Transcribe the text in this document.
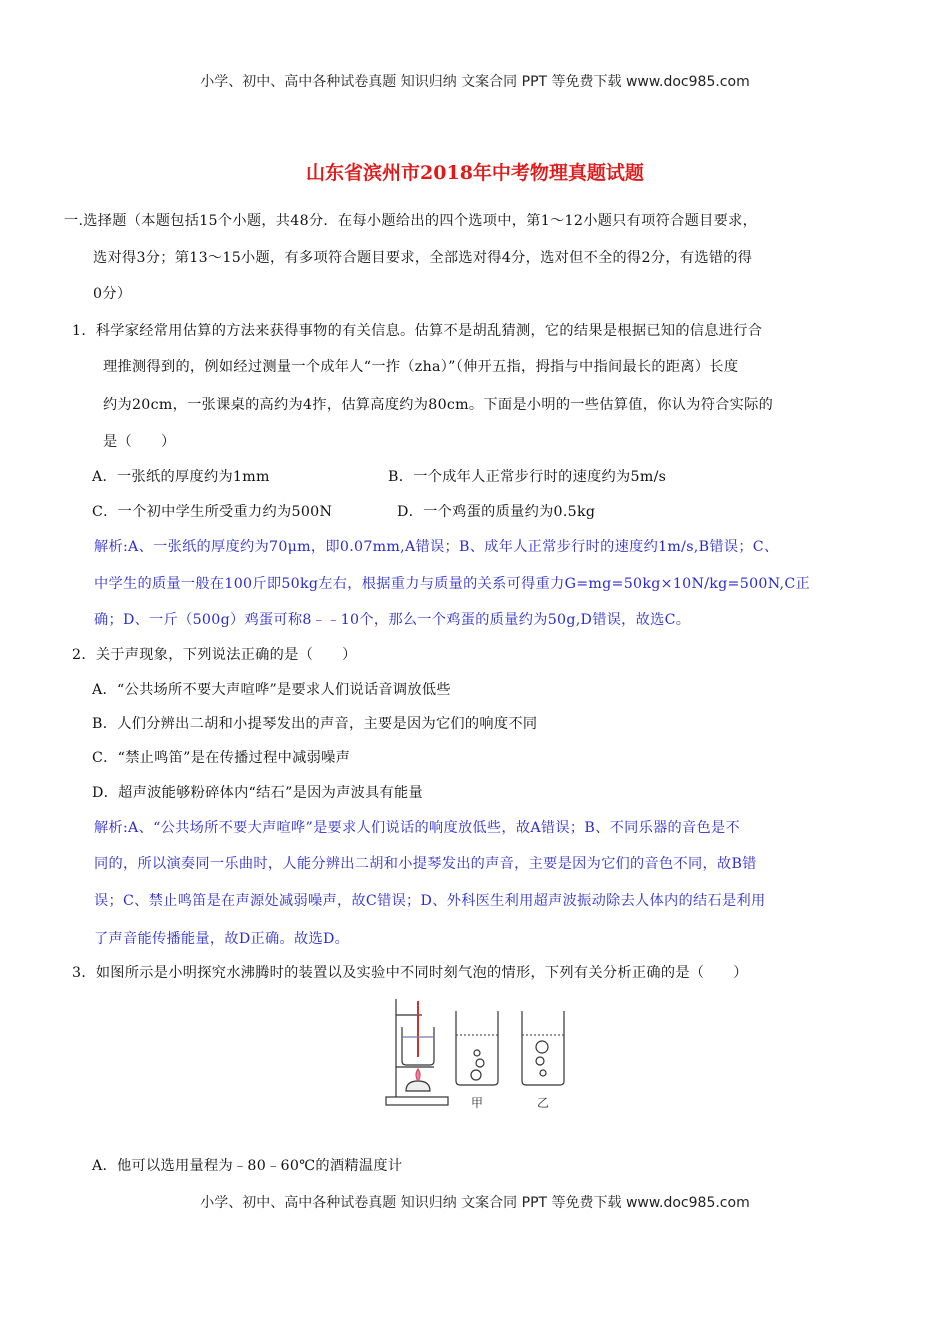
小学、初中、高中各种试卷真题 知识归纳 文案合同 PPT 等免费下载 www.doc985.com
山东省滨州市2018年中考物理真题试题
一.选择题（本题包括15个小题，共48分．在每小题给出的四个选项中，第1～12小题只有项符合题目要求，
选对得3分；第13～15小题，有多项符合题目要求，全部选对得4分，选对但不全的得2分，有选错的得
0分）
1．科学家经常用估算的方法来获得事物的有关信息。估算不是胡乱猜测，它的结果是根据已知的信息进行合
理推测得到的，例如经过测量一个成年人“一拃（zha）”（伸开五指，拇指与中指间最长的距离）长度
约为20cm，一张课桌的高约为4拃，估算高度约为80cm。下面是小明的一些估算值，你认为符合实际的
是（　　）
A．一张纸的厚度约为1mm	B．一个成年人正常步行时的速度约为5m/s
C．一个初中学生所受重力约为500N	D．一个鸡蛋的质量约为0.5kg
解析:A、一张纸的厚度约为70μm，即0.07mm,A错误；B、成年人正常步行时的速度约1m/s,B错误；C、
中学生的质量一般在100斤即50kg左右，根据重力与质量的关系可得重力G=mg=50kg×10N/kg=500N,C正
确；D、一斤（500g）鸡蛋可称8﹣﹣10个，那么一个鸡蛋的质量约为50g,D错误，故选C。
2．关于声现象，下列说法正确的是（　　）
A．“公共场所不要大声喧哗”是要求人们说话音调放低些
B．人们分辨出二胡和小提琴发出的声音，主要是因为它们的响度不同
C．“禁止鸣笛”是在传播过程中减弱噪声
D．超声波能够粉碎体内“结石”是因为声波具有能量
解析:A、“公共场所不要大声喧哗”是要求人们说话的响度放低些，故A错误；B、不同乐器的音色是不
同的，所以演奏同一乐曲时，人能分辨出二胡和小提琴发出的声音，主要是因为它们的音色不同，故B错
误；C、禁止鸣笛是在声源处减弱噪声，故C错误；D、外科医生利用超声波振动除去人体内的结石是利用
了声音能传播能量，故D正确。故选D。
3．如图所示是小明探究水沸腾时的装置以及实验中不同时刻气泡的情形，下列有关分析正确的是（　　）
甲	乙
A．他可以选用量程为﹣80﹣60℃的酒精温度计
小学、初中、高中各种试卷真题 知识归纳 文案合同 PPT 等免费下载 www.doc985.com
